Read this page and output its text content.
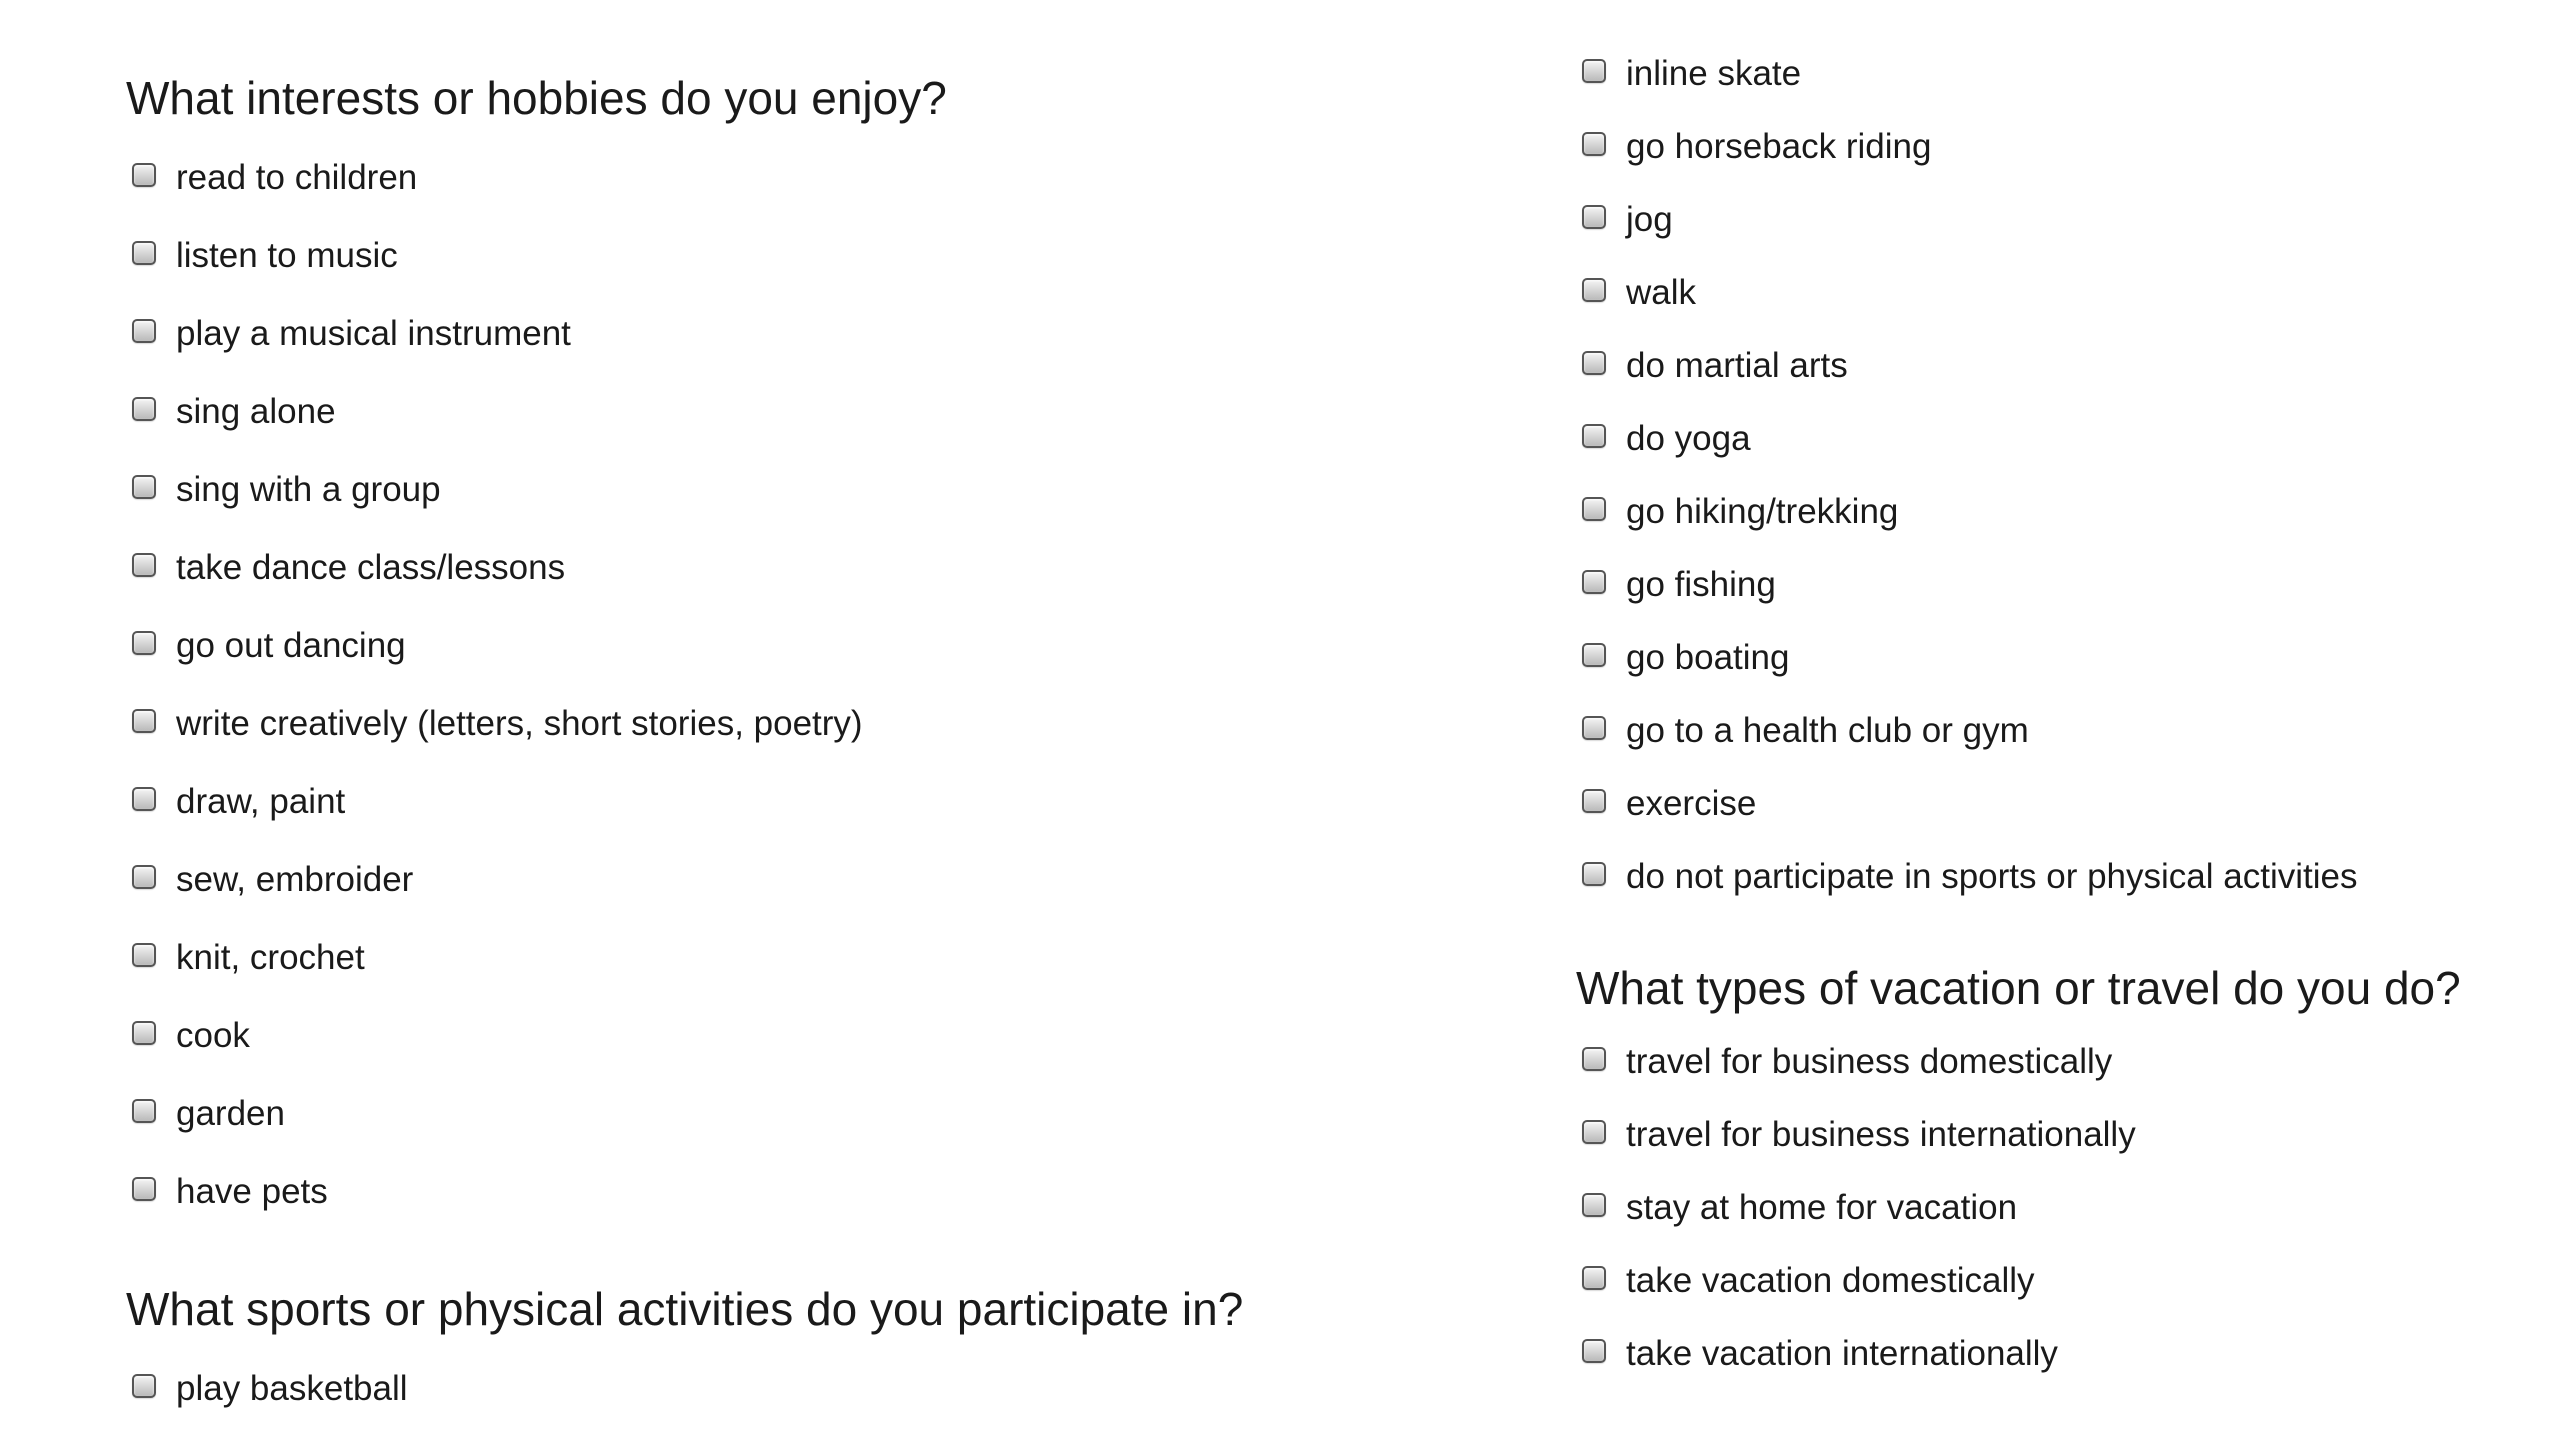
What interests or hobbies do you enjoy?
read to children
listen to music
play a musical instrument
sing alone
sing with a group
take dance class/lessons
go out dancing
write creatively (letters, short stories, poetry)
draw, paint
sew, embroider
knit, crochet
cook
garden
have pets
What sports or physical activities do you participate in?
play basketball
inline skate
go horseback riding
jog
walk
do martial arts
do yoga
go hiking/trekking
go fishing
go boating
go to a health club or gym
exercise
do not participate in sports or physical activities
What types of vacation or travel do you do?
travel for business domestically
travel for business internationally
stay at home for vacation
take vacation domestically
take vacation internationally
